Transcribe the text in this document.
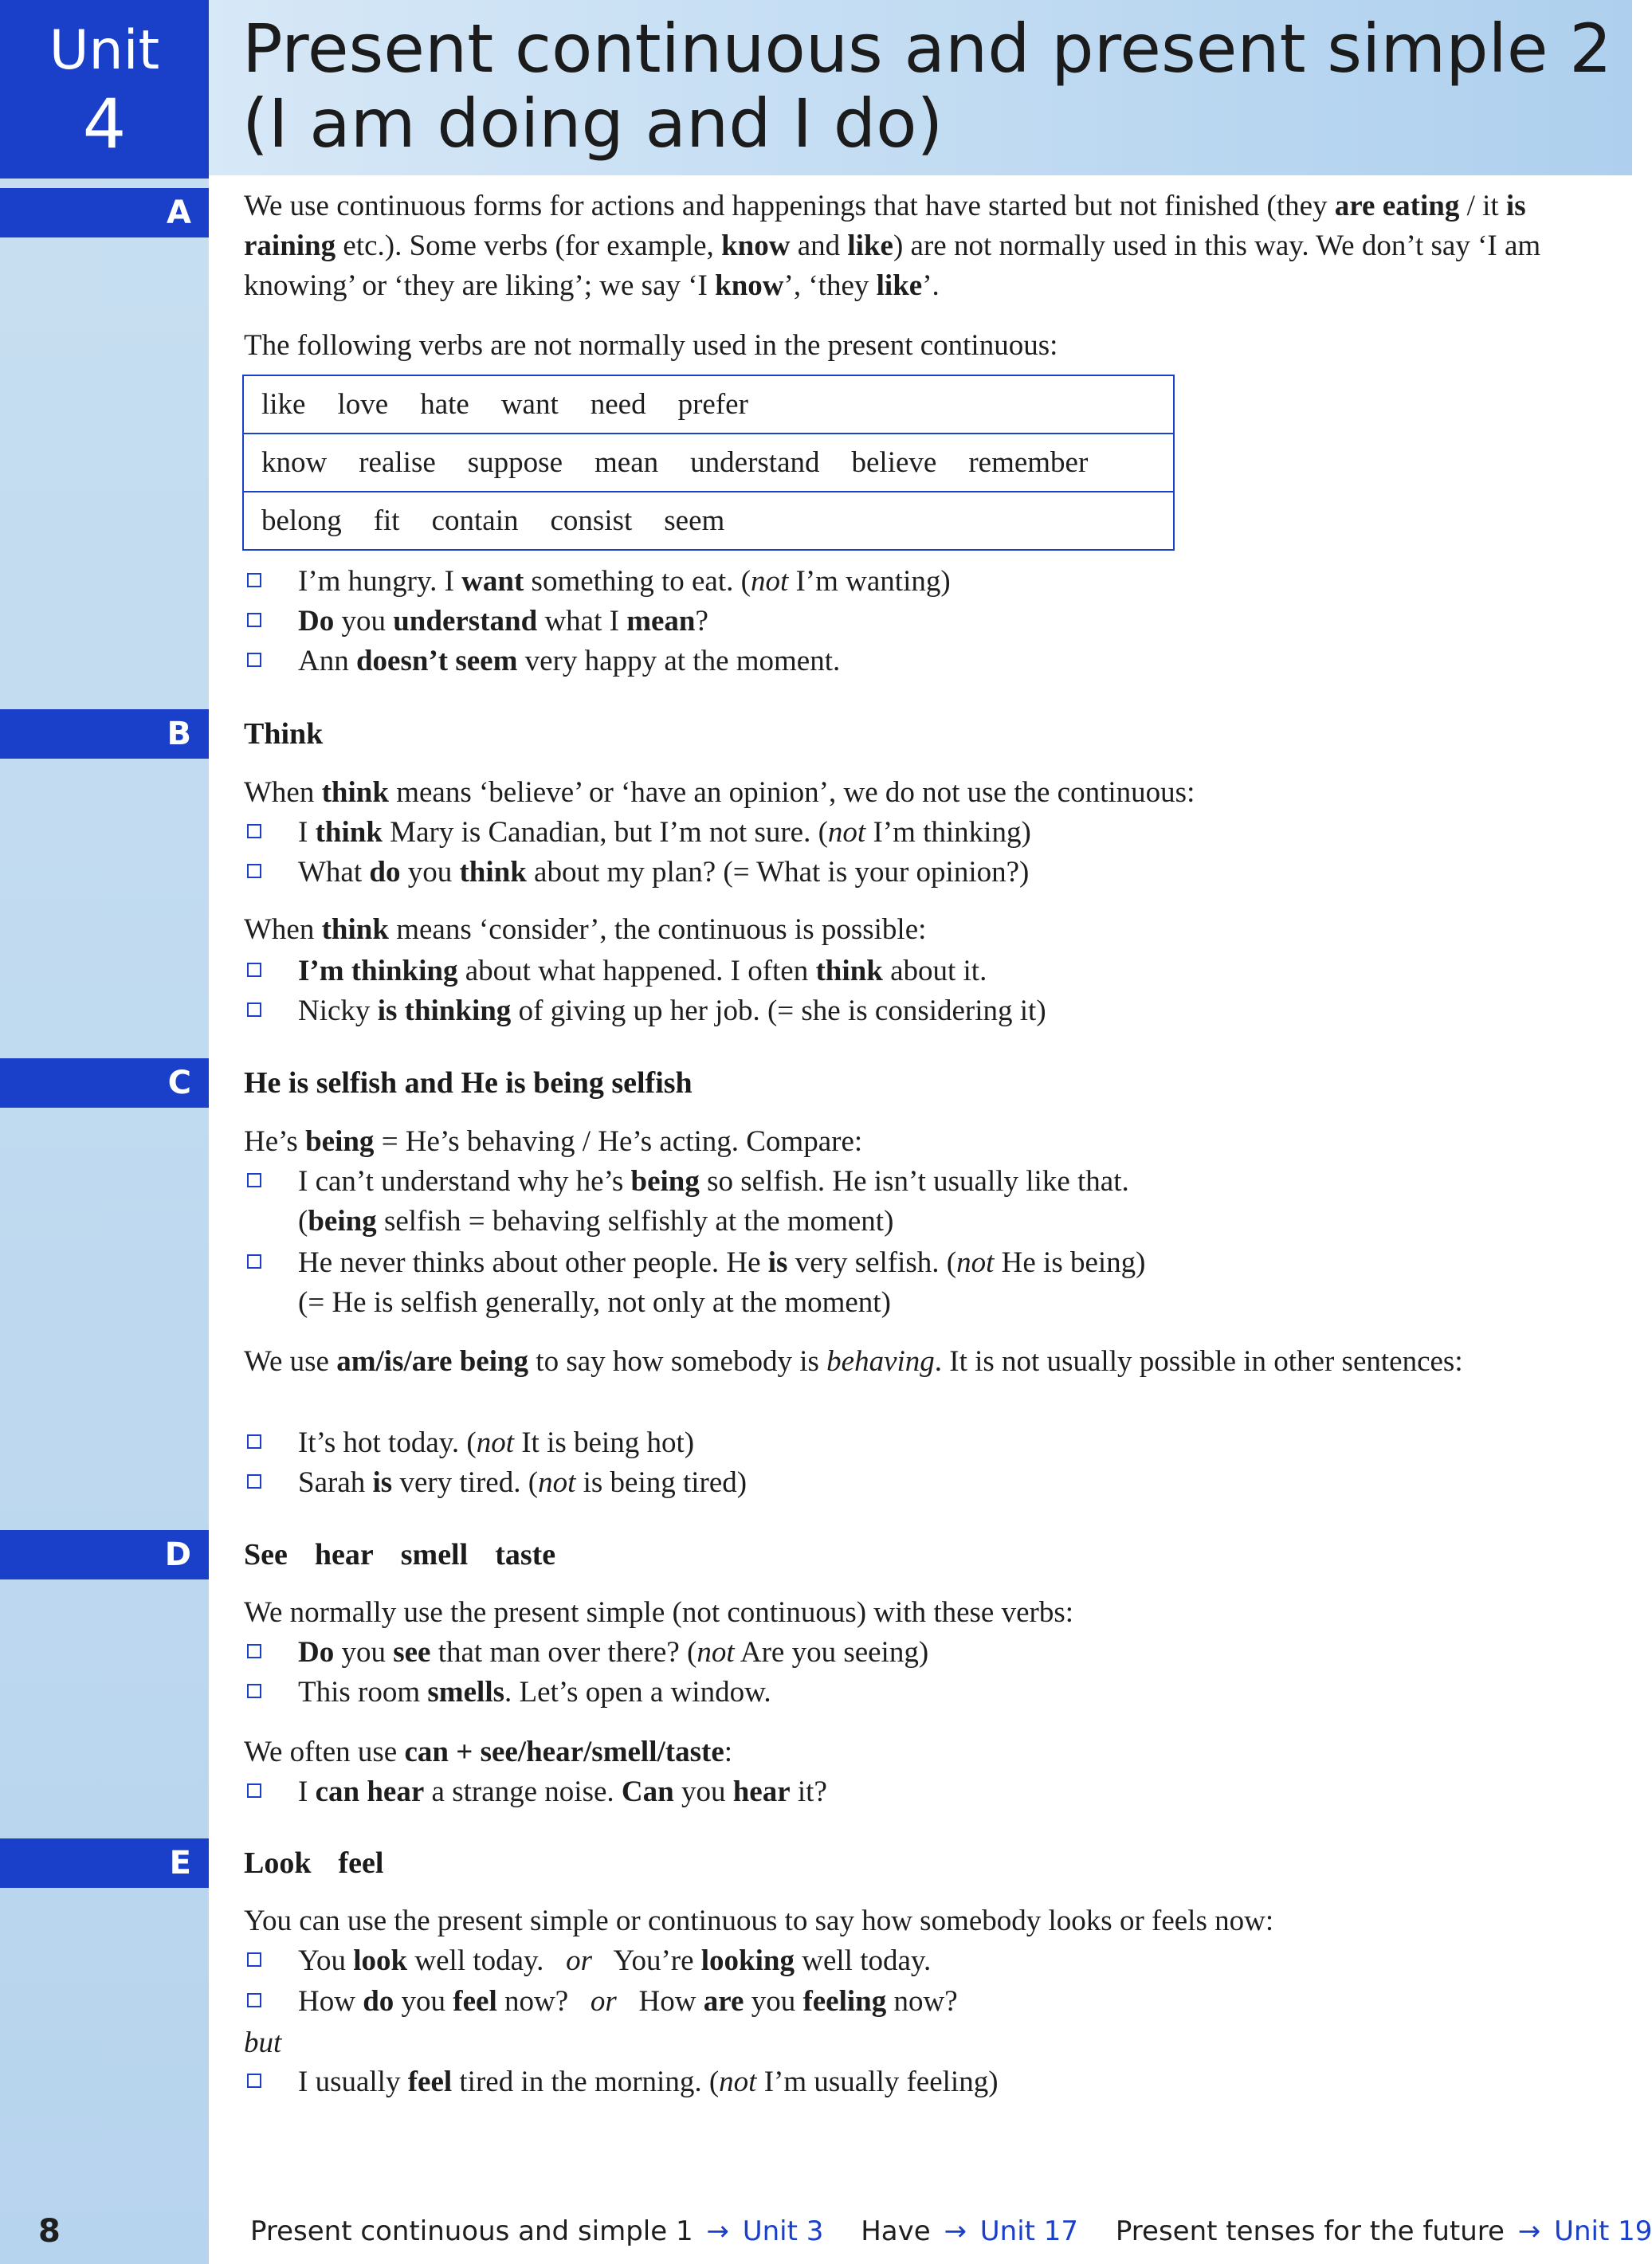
Unit
4
Present continuous and present simple 2
(I am doing and I do)
A	We use continuous forms for actions and happenings that have started but not finished (they are eating / it is raining etc.). Some verbs (for example, know and like) are not normally used in this way. We don’t say ‘I am knowing’ or ‘they are liking’; we say ‘I know’, ‘they like’.

The following verbs are not normally used in the present continuous:

like love hate want need prefer
know realise suppose mean understand believe remember
belong fit contain consist seem

I’m hungry. I want something to eat. (not I’m wanting)

Do you understand what I mean?

Ann doesn’t seem very happy at the moment.

B	Think

When think means ‘believe’ or ‘have an opinion’, we do not use the continuous:

I think Mary is Canadian, but I’m not sure. (not I’m thinking)

What do you think about my plan? (= What is your opinion?)

When think means ‘consider’, the continuous is possible:

I’m thinking about what happened. I often think about it.

Nicky is thinking of giving up her job. (= she is considering it)

C	He is selfish and He is being selfish

He’s being = He’s behaving / He’s acting. Compare:

I can’t understand why he’s being so selfish. He isn’t usually like that.

(being selfish = behaving selfishly at the moment)

He never thinks about other people. He is very selfish. (not He is being)

(= He is selfish generally, not only at the moment)

We use am/is/are being to say how somebody is behaving. It is not usually possible in other sentences:

It’s hot today. (not It is being hot)

Sarah is very tired. (not is being tired)

D	See hear smell taste

We normally use the present simple (not continuous) with these verbs:

Do you see that man over there? (not Are you seeing)

This room smells. Let’s open a window.

We often use can + see/hear/smell/taste:

I can hear a strange noise. Can you hear it?

E	Look feel

You can use the present simple or continuous to say how somebody looks or feels now:

You look well today.   or   You’re looking well today.

How do you feel now?   or   How are you feeling now?

but

I usually feel tired in the morning. (not I’m usually feeling)

8	Present continuous and simple 1 → Unit 3 Have → Unit 17 Present tenses for the future → Unit 19
